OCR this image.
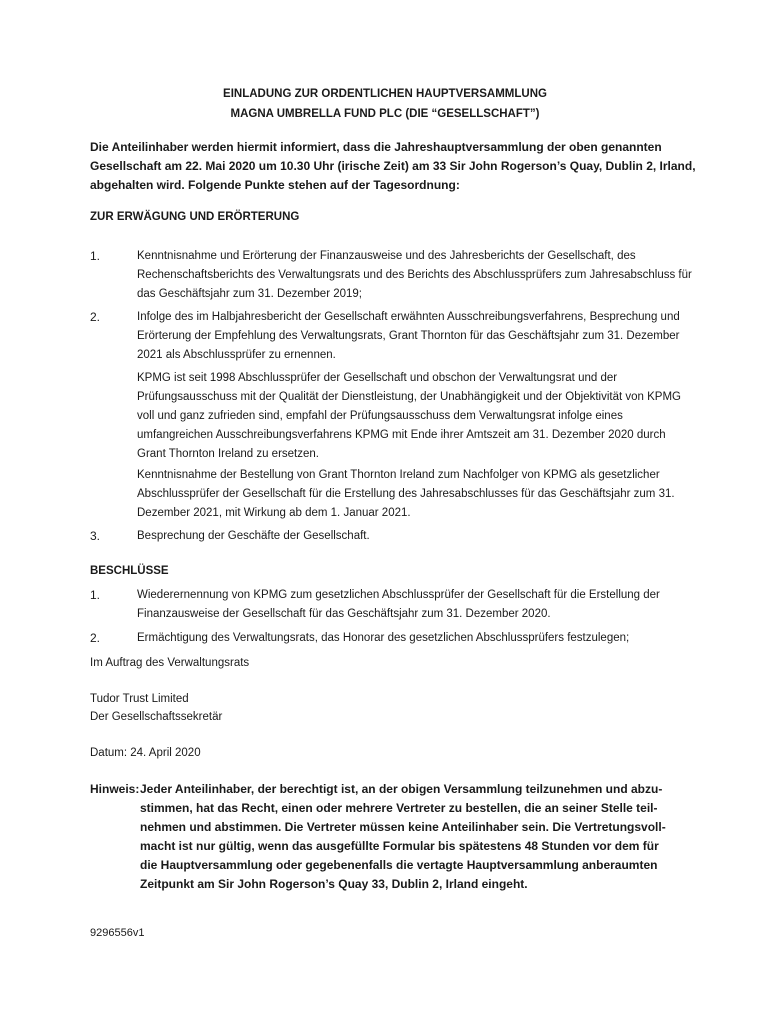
EINLADUNG ZUR ORDENTLICHEN HAUPTVERSAMMLUNG
MAGNA UMBRELLA FUND PLC (DIE “GESELLSCHAFT”)
Die Anteilinhaber werden hiermit informiert, dass die Jahreshauptversammlung der oben genannten Gesellschaft am 22. Mai 2020 um 10.30 Uhr (irische Zeit) am 33 Sir John Rogerson’s Quay, Dublin 2, Irland, abgehalten wird. Folgende Punkte stehen auf der Tagesordnung:
ZUR ERWÄGUNG UND ERÖRTERUNG
1.	Kenntnisnahme und Erörterung der Finanzausweise und des Jahresberichts der Gesellschaft, des Rechenschaftsberichts des Verwaltungsrats und des Berichts des Abschlussprüfers zum Jahresabschluss für das Geschäftsjahr zum 31. Dezember 2019;
2.	Infolge des im Halbjahresbericht der Gesellschaft erwähnten Ausschreibungsverfahrens, Besprechung und Erörterung der Empfehlung des Verwaltungsrats, Grant Thornton für das Geschäftsjahr zum 31. Dezember 2021 als Abschlussprüfer zu ernennen.
KPMG ist seit 1998 Abschlussprüfer der Gesellschaft und obschon der Verwaltungsrat und der Prüfungsausschuss mit der Qualität der Dienstleistung, der Unabhängigkeit und der Objektivität von KPMG voll und ganz zufrieden sind, empfahl der Prüfungsausschuss dem Verwaltungsrat infolge eines umfangreichen Ausschreibungsverfahrens KPMG mit Ende ihrer Amtszeit am 31. Dezember 2020 durch Grant Thornton Ireland zu ersetzen.
Kenntnisnahme der Bestellung von Grant Thornton Ireland zum Nachfolger von KPMG als gesetzlicher Abschlussprüfer der Gesellschaft für die Erstellung des Jahresabschlusses für das Geschäftsjahr zum 31. Dezember 2021, mit Wirkung ab dem 1. Januar 2021.
3.	Besprechung der Geschäfte der Gesellschaft.
BESCHLÜSSE
1.	Wiederernennung von KPMG zum gesetzlichen Abschlussprüfer der Gesellschaft für die Erstellung der Finanzausweise der Gesellschaft für das Geschäftsjahr zum 31. Dezember 2020.
2.	Ermächtigung des Verwaltungsrats, das Honorar des gesetzlichen Abschlussprüfers festzulegen;
Im Auftrag des Verwaltungsrats
Tudor Trust Limited
Der Gesellschaftssekretär
Datum: 24. April 2020
Hinweis: Jeder Anteilinhaber, der berechtigt ist, an der obigen Versammlung teilzunehmen und abzu-
stimmen, hat das Recht, einen oder mehrere Vertreter zu bestellen, die an seiner Stelle teil-
nehmen und abstimmen. Die Vertreter müssen keine Anteilinhaber sein. Die Vertretungsvoll-
macht ist nur gültig, wenn das ausgefüllte Formular bis spätestens 48 Stunden vor dem für
die Hauptversammlung oder gegebenenfalls die vertagte Hauptversammlung anberaumten
Zeitpunkt am Sir John Rogerson’s Quay 33, Dublin 2, Irland eingeht.
9296556v1
